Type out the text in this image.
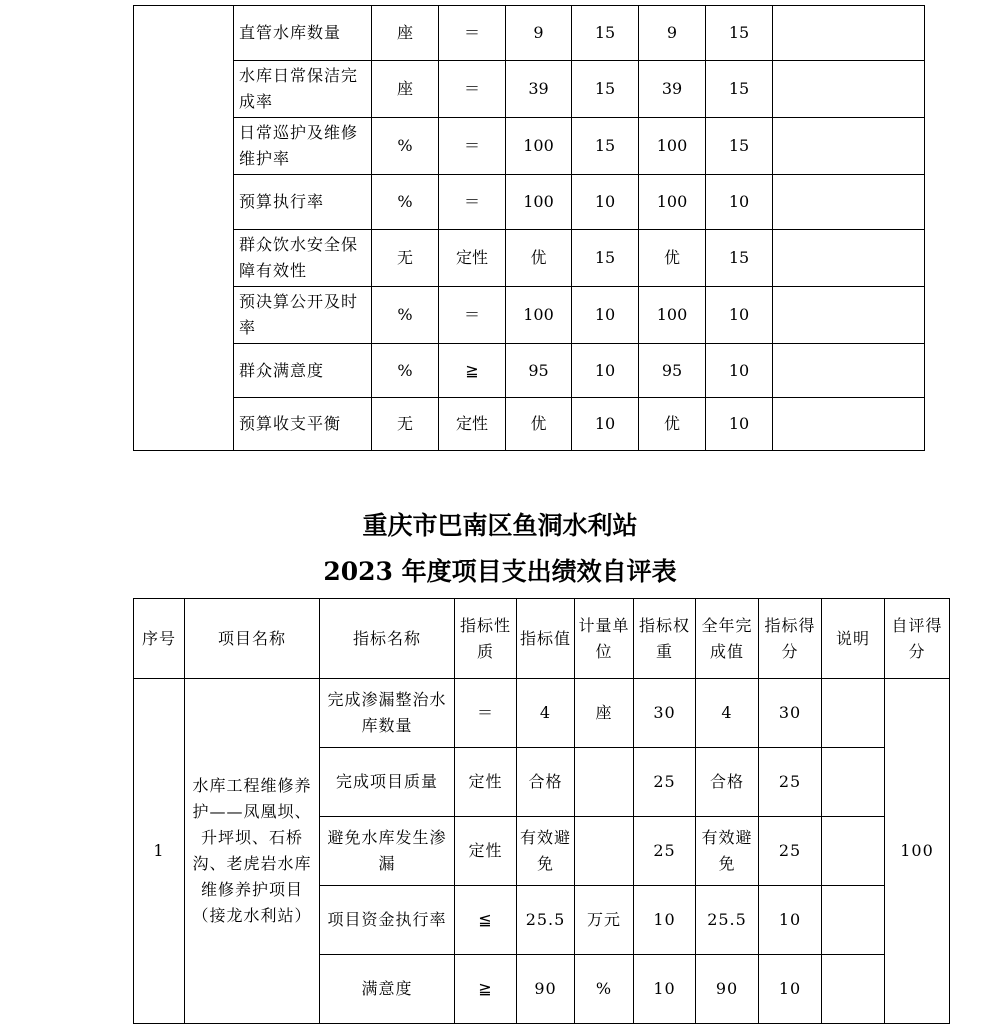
	直管水库数量	座	＝	9	15	9	15	
	水库日常保洁完成率	座	＝	39	15	39	15	
	日常巡护及维修维护率	%	＝	100	15	100	15	
	预算执行率	%	＝	100	10	100	10	
	群众饮水安全保障有效性	无	定性	优	15	优	15	
	预决算公开及时率	%	＝	100	10	100	10	
	群众满意度	%	≧	95	10	95	10	
	预算收支平衡	无	定性	优	10	优	10	
重庆市巴南区鱼洞水利站
2023 年度项目支出绩效自评表
序号	项目名称	指标名称	指标性质	指标值	计量单位	指标权重	全年完成值	指标得分	说明	自评得分
1	水库工程维修养护——凤凰坝、升坪坝、石桥沟、老虎岩水库维修养护项目（接龙水利站）	完成渗漏整治水库数量	＝	4	座	30	4	30		100
		完成项目质量	定性	合格		25	合格	25		
		避免水库发生渗漏	定性	有效避免		25	有效避免	25		
		项目资金执行率	≦	25.5	万元	10	25.5	10		
		满意度	≧	90	%	10	90	10		
